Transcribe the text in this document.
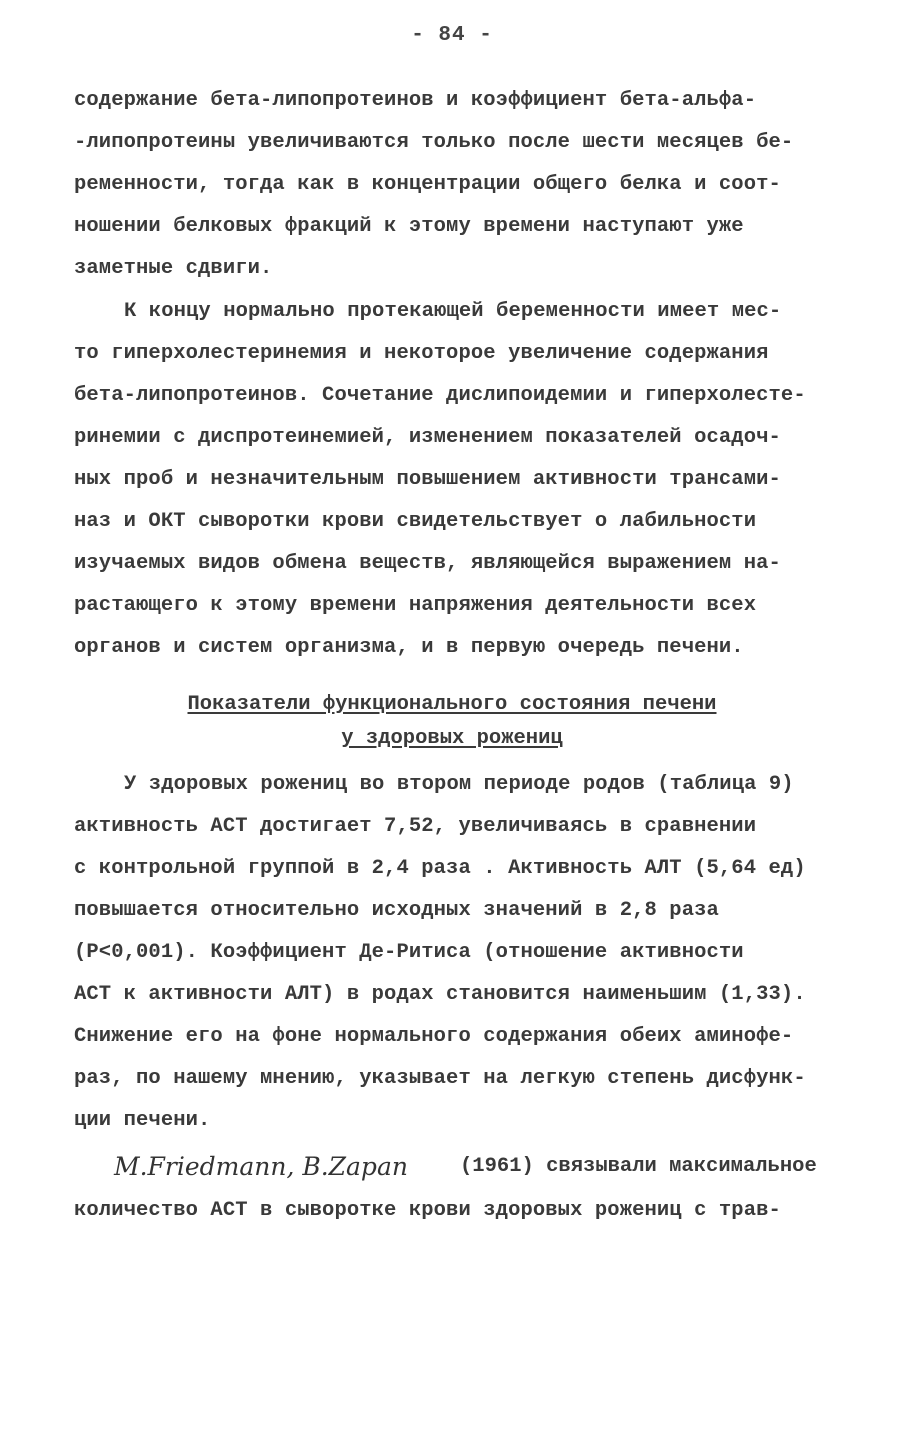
- 84 -
содержание бета-липопротеинов и коэффициент бета-альфа-
-липопротеины увеличиваются только после шести месяцев бе-
ременности, тогда как в концентрации общего белка и соот-
ношении белковых фракций к этому времени наступают уже
заметные сдвиги.
К концу нормально протекающей беременности имеет мес-
то гиперхолестеринемия и некоторое увеличение содержания
бета-липопротеинов. Сочетание дислипоидемии и гиперхолесте-
ринемии с диспротеинемией, изменением показателей осадоч-
ных проб и незначительным повышением активности трансами-
наз и ОКТ сыворотки крови свидетельствует о лабильности
изучаемых видов обмена веществ, являющейся выражением на-
растающего к этому времени напряжения деятельности всех
органов и систем организма, и в первую очередь печени.
Показатели функционального состояния печени
у здоровых рожениц
У здоровых рожениц во втором периоде родов (таблица 9)
активность АСТ достигает 7,52, увеличиваясь в сравнении
с контрольной группой в 2,4 раза . Активность АЛТ (5,64 ед)
повышается относительно исходных значений в 2,8 раза
(Р<0,001). Коэффициент Де-Ритиса (отношение активности
АСТ к активности АЛТ) в родах становится наименьшим (1,33).
Снижение его на фоне нормального содержания обеих аминофе-
раз, по нашему мнению, указывает на легкую степень дисфунк-
ции печени.
M.Friedmann, B.Zapan	(1961) связывали максимальное
количество АСТ в сыворотке крови здоровых рожениц с трав-
